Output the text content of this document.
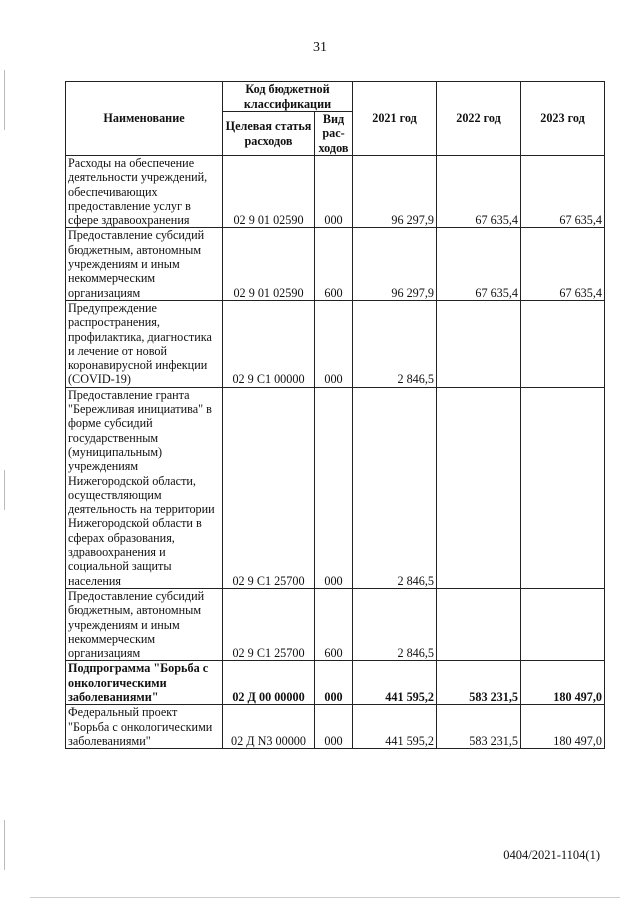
31
Наименование	Код бюджетной классификации		2021 год	2022 год	2023 год
	Целевая статья расходов	Вид рас-ходов			
Расходы на обеспечение деятельности учреждений, обеспечивающих предоставление услуг в сфере здравоохранения	02 9 01 02590	000	96 297,9	67 635,4	67 635,4
Предоставление субсидий бюджетным, автономным учреждениям и иным некоммерческим организациям	02 9 01 02590	600	96 297,9	67 635,4	67 635,4
Предупреждение распространения, профилактика, диагностика и лечение от новой коронавирусной инфекции (COVID-19)	02 9 С1 00000	000	2 846,5		
Предоставление гранта "Бережливая инициатива" в форме субсидий государственным (муниципальным) учреждениям Нижегородской области, осуществляющим деятельность на территории Нижегородской области в сферах образования, здравоохранения и социальной защиты населения	02 9 С1 25700	000	2 846,5		
Предоставление субсидий бюджетным, автономным учреждениям и иным некоммерческим организациям	02 9 С1 25700	600	2 846,5		
Подпрограмма "Борьба с онкологическими заболеваниями"	02 Д 00 00000	000	441 595,2	583 231,5	180 497,0
Федеральный проект "Борьба с онкологическими заболеваниями"	02 Д N3 00000	000	441 595,2	583 231,5	180 497,0
0404/2021-1104(1)
